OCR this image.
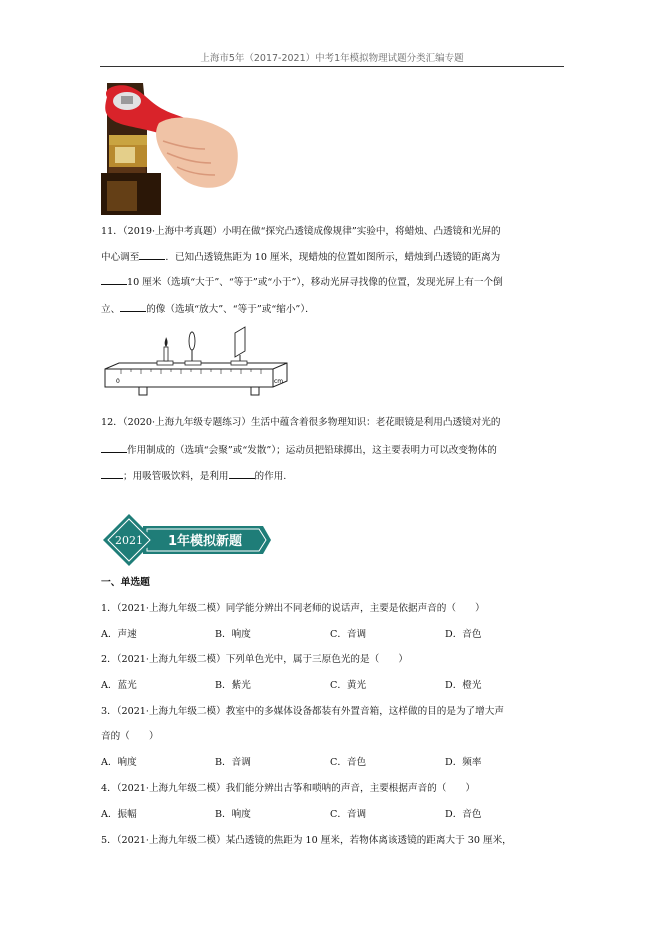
上海市5年（2017-2021）中考1年模拟物理试题分类汇编专题
11．（2019·上海中考真题）小明在做“探究凸透镜成像规律”实验中，将蜡烛、凸透镜和光屏的
中心调至	．已知凸透镜焦距为 10 厘米，现蜡烛的位置如图所示，蜡烛到凸透镜的距离为
10 厘米（选填“大于”、“等于”或“小于”），移动光屏寻找像的位置，发现光屏上有一个倒
立、	的像（选填“放大”、“等于”或“缩小”）．
0	cm
12．（2020·上海九年级专题练习）生活中蕴含着很多物理知识：老花眼镜是利用凸透镜对光的
作用制成的（选填“会聚”或“发散”）；运动员把铅球掷出，这主要表明力可以改变物体的
；用吸管吸饮料，是利用	的作用.
2021 1年模拟新题
一、单选题
1．（2021·上海九年级二模）同学能分辨出不同老师的说话声，主要是依据声音的（　　）
A．声速	B．响度	C．音调	D．音色
2．（2021·上海九年级二模）下列单色光中，属于三原色光的是（　　）
A．蓝光	B．紫光	C．黄光	D．橙光
3．（2021·上海九年级二模）教室中的多媒体设备都装有外置音箱，这样做的目的是为了增大声
音的（　　）
A．响度	B．音调	C．音色	D．频率
4．（2021·上海九年级二模）我们能分辨出古筝和唢呐的声音，主要根据声音的（　　）
A．振幅	B．响度	C．音调	D．音色
5．（2021·上海九年级二模）某凸透镜的焦距为 10 厘米，若物体离该透镜的距离大于 30 厘米，
